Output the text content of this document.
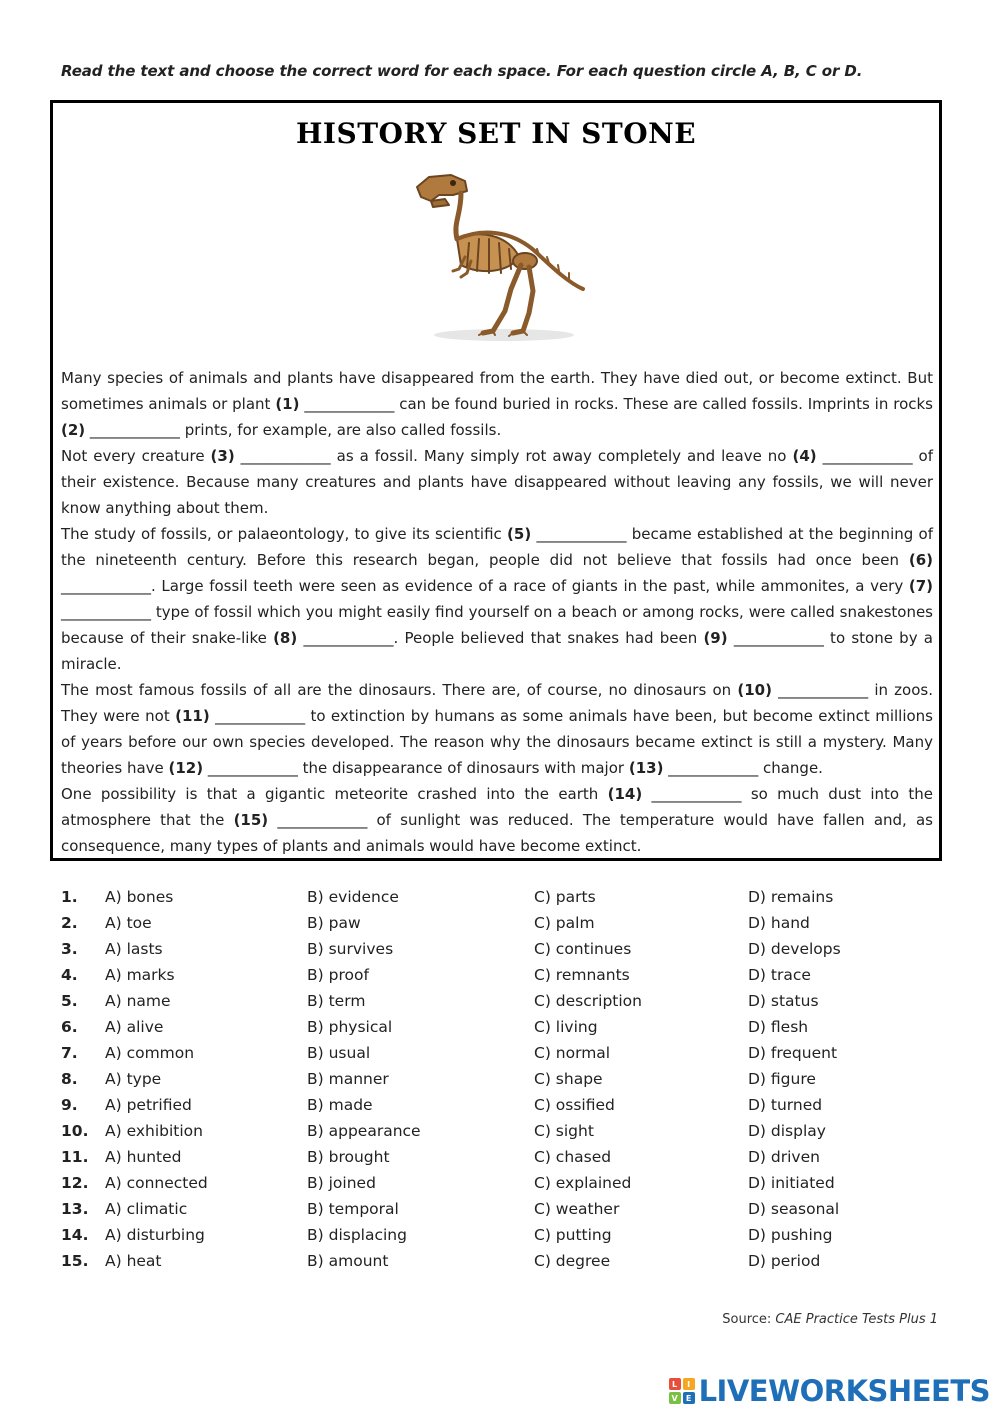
Read the text and choose the correct word for each space. For each question circle A, B, C or D.
HISTORY SET IN STONE

Many species of animals and plants have disappeared from the earth. They have died out, or become extinct. But sometimes animals or plant (1) ____________ can be found buried in rocks. These are called fossils. Imprints in rocks (2) ____________ prints, for example, are also called fossils.

Not every creature (3) ____________ as a fossil. Many simply rot away completely and leave no (4) ____________ of their existence. Because many creatures and plants have disappeared without leaving any fossils, we will never know anything about them.

The study of fossils, or palaeontology, to give its scientific (5) ____________ became established at the beginning of the nineteenth century. Before this research began, people did not believe that fossils had once been (6) ____________. Large fossil teeth were seen as evidence of a race of giants in the past, while ammonites, a very (7) ____________ type of fossil which you might easily find yourself on a beach or among rocks, were called snakestones because of their snake-like (8) ____________. People believed that snakes had been (9) ____________ to stone by a miracle.

The most famous fossils of all are the dinosaurs. There are, of course, no dinosaurs on (10) ____________ in zoos. They were not (11) ____________ to extinction by humans as some animals have been, but become extinct millions of years before our own species developed. The reason why the dinosaurs became extinct is still a mystery. Many theories have (12) ____________ the disappearance of dinosaurs with major (13) ____________ change.

One possibility is that a gigantic meteorite crashed into the earth (14) ____________ so much dust into the atmosphere that the (15) ____________ of sunlight was reduced. The temperature would have fallen and, as consequence, many types of plants and animals would have become extinct.

1. A) bones	B) evidence	C) parts	D) remains
2. A) toe	B) paw	C) palm	D) hand
3. A) lasts	B) survives	C) continues	D) develops
4. A) marks	B) proof	C) remnants	D) trace
5. A) name	B) term	C) description	D) status
6. A) alive	B) physical	C) living	D) flesh
7. A) common	B) usual	C) normal	D) frequent
8. A) type	B) manner	C) shape	D) figure
9. A) petrified	B) made	C) ossified	D) turned
10. A) exhibition	B) appearance	C) sight	D) display
11. A) hunted	B) brought	C) chased	D) driven
12. A) connected	B) joined	C) explained	D) initiated
13. A) climatic	B) temporal	C) weather	D) seasonal
14. A) disturbing	B) displacing	C) putting	D) pushing
15. A) heat	B) amount	C) degree	D) period
Source: CAE Practice Tests Plus 1
L	I
V	E LIVEWORKSHEETS
